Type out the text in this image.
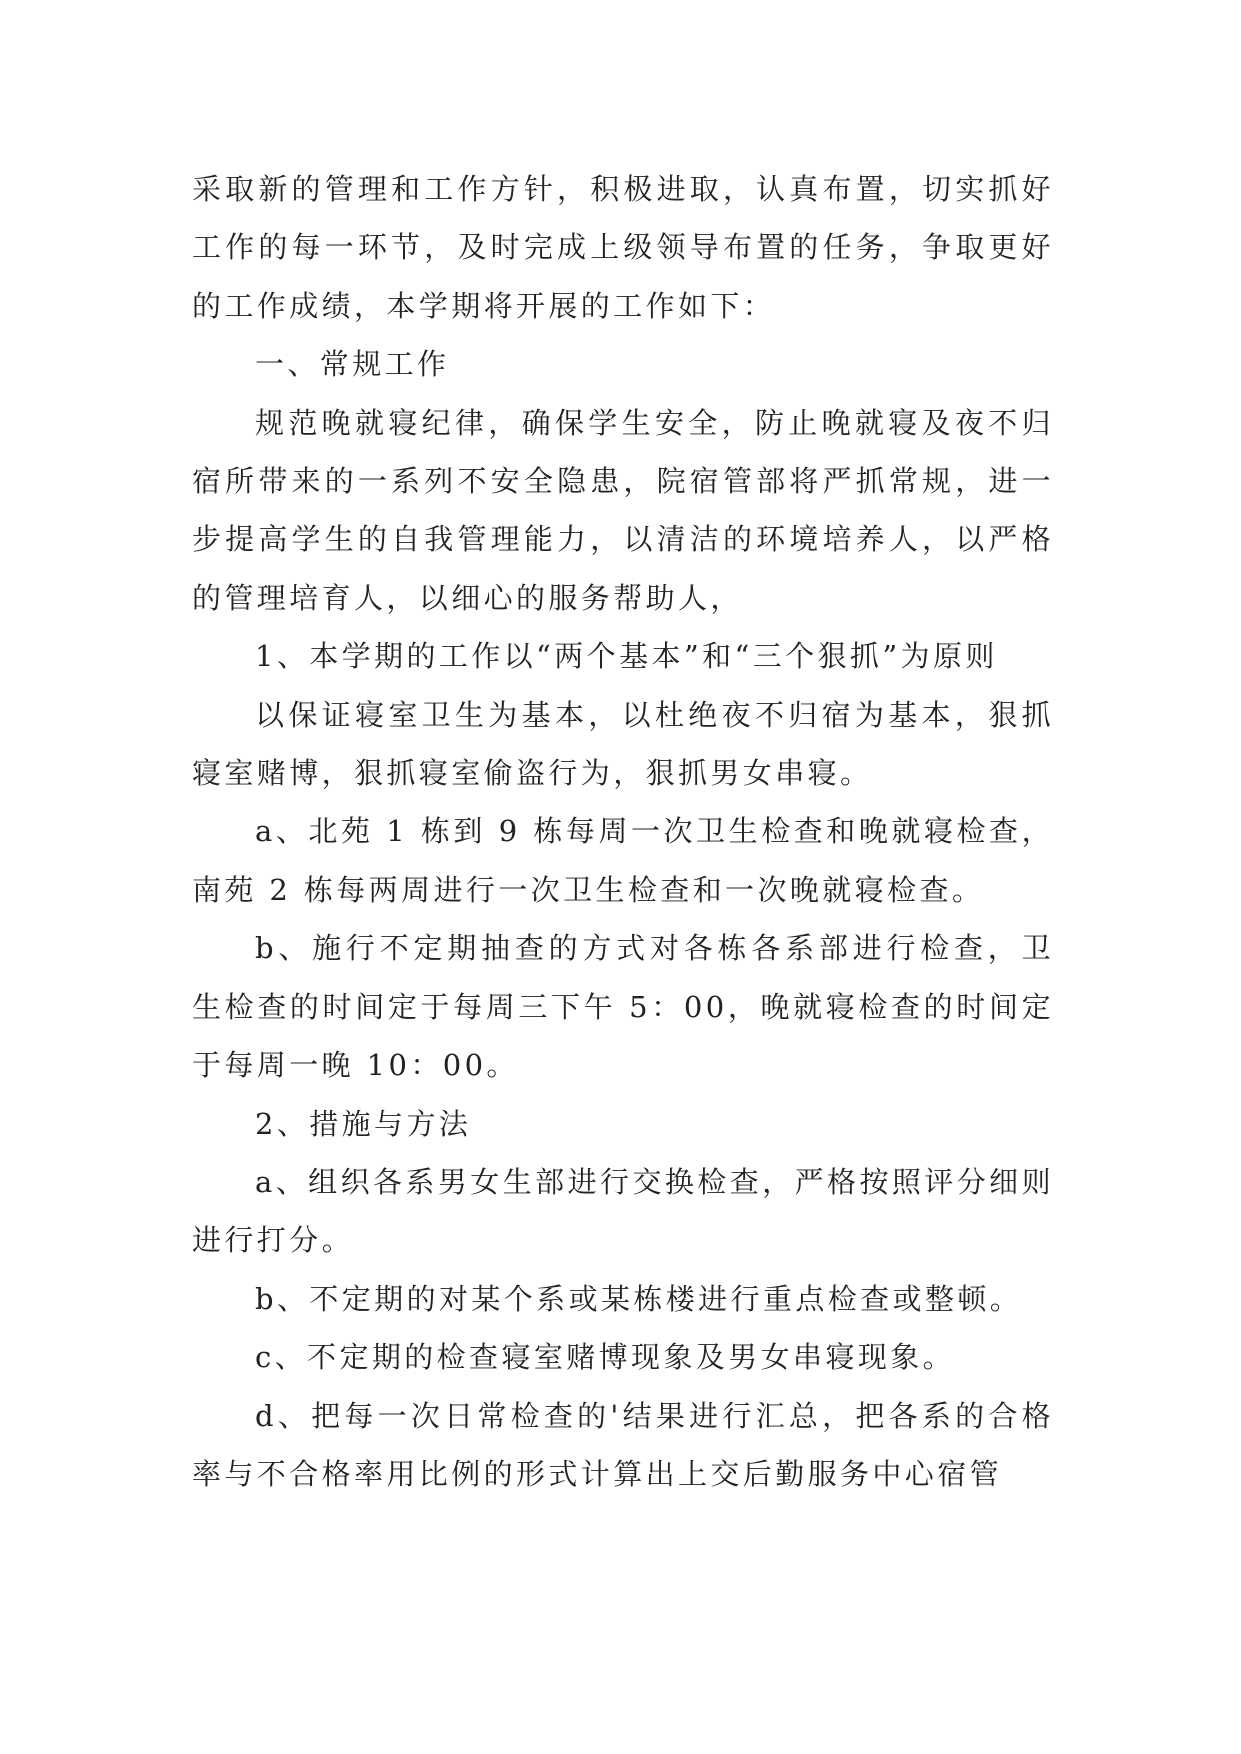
采取新的管理和工作方针，积极进取，认真布置，切实抓好工作的每一环节，及时完成上级领导布置的任务，争取更好的工作成绩，本学期将开展的工作如下：

一、常规工作

规范晚就寝纪律，确保学生安全，防止晚就寝及夜不归宿所带来的一系列不安全隐患，院宿管部将严抓常规，进一步提高学生的自我管理能力，以清洁的环境培养人，以严格的管理培育人，以细心的服务帮助人，

1、本学期的工作以“两个基本”和“三个狠抓”为原则

以保证寝室卫生为基本，以杜绝夜不归宿为基本，狠抓寝室赌博，狠抓寝室偷盗行为，狠抓男女串寝。

a、北苑 1 栋到 9 栋每周一次卫生检查和晚就寝检查，南苑 2 栋每两周进行一次卫生检查和一次晚就寝检查。

b、施行不定期抽查的方式对各栋各系部进行检查，卫生检查的时间定于每周三下午 5：00，晚就寝检查的时间定于每周一晚 10：00。

2、措施与方法

a、组织各系男女生部进行交换检查，严格按照评分细则进行打分。

b、不定期的对某个系或某栋楼进行重点检查或整顿。

c、不定期的检查寝室赌博现象及男女串寝现象。

d、把每一次日常检查的'结果进行汇总，把各系的合格率与不合格率用比例的形式计算出上交后勤服务中心宿管
